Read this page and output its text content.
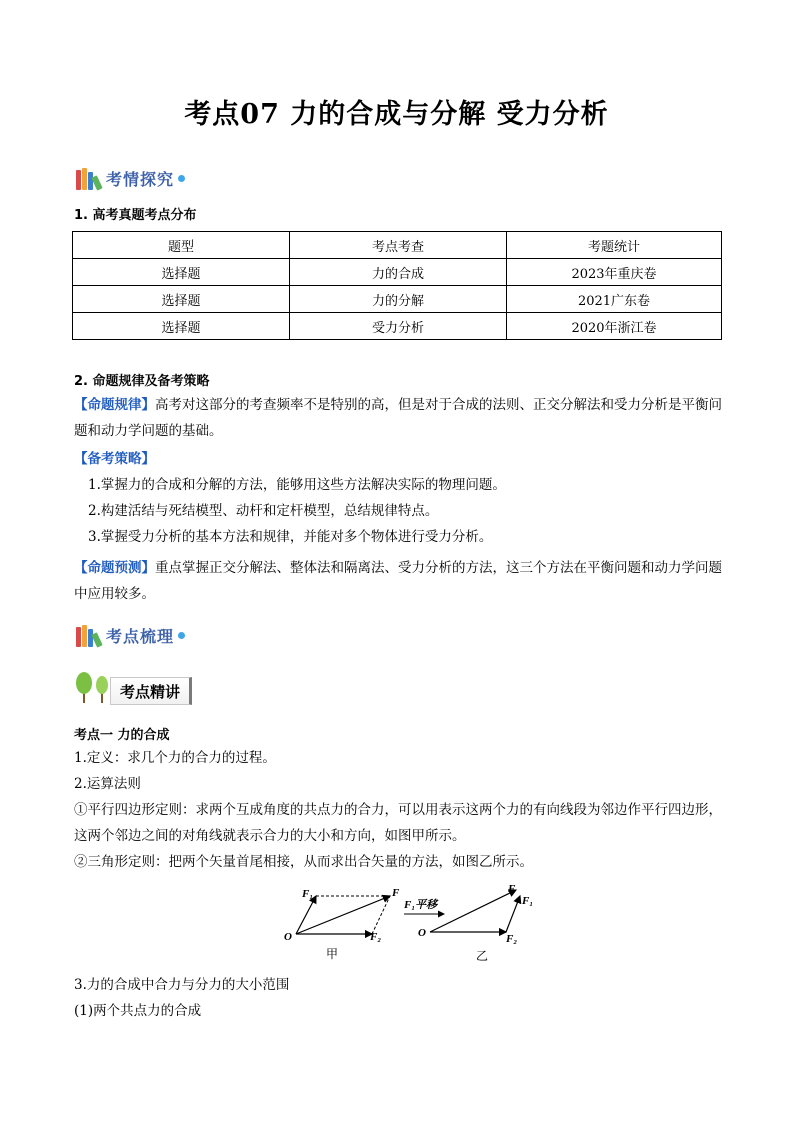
考点07 力的合成与分解 受力分析
考情探究
1. 高考真题考点分布
题型	考点考查	考题统计
选择题	力的合成	2023年重庆卷
选择题	力的分解	2021广东卷
选择题	受力分析	2020年浙江卷
2. 命题规律及备考策略
【命题规律】高考对这部分的考查频率不是特别的高，但是对于合成的法则、正交分解法和受力分析是平衡问题和动力学问题的基础。
【备考策略】
1.掌握力的合成和分解的方法，能够用这些方法解决实际的物理问题。
2.构建活结与死结模型、动杆和定杆模型，总结规律特点。
3.掌握受力分析的基本方法和规律，并能对多个物体进行受力分析。
【命题预测】重点掌握正交分解法、整体法和隔离法、受力分析的方法，这三个方法在平衡问题和动力学问题中应用较多。
考点梳理
考点精讲
考点一 力的合成
1.定义：求几个力的合力的过程。
2.运算法则
①平行四边形定则：求两个互成角度的共点力的合力，可以用表示这两个力的有向线段为邻边作平行四边形，这两个邻边之间的对角线就表示合力的大小和方向，如图甲所示。
②三角形定则：把两个矢量首尾相接，从而求出合矢量的方法，如图乙所示。
O
F₁	F
F₂
甲
F₁平移
O
F
F₁
F₂
乙
3.力的合成中合力与分力的大小范围
(1)两个共点力的合成
